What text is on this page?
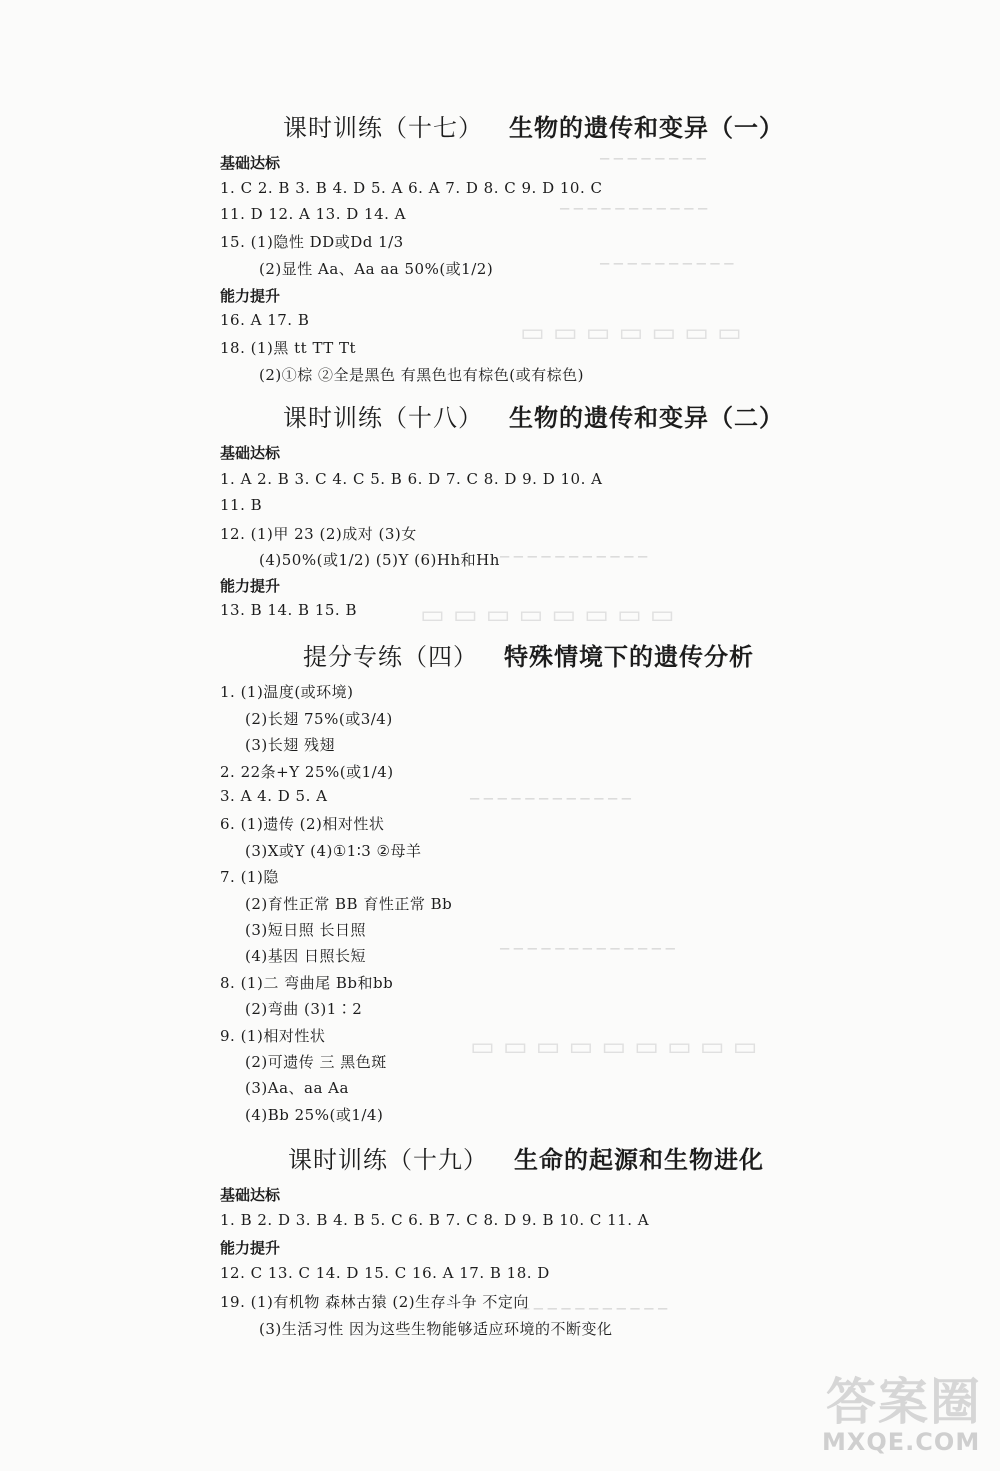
─ ─ ─ ─ ─ ─ ─ ─
─ ─ ─ ─ ─ ─ ─ ─ ─ ─ ─
─ ─ ─ ─ ─ ─ ─ ─ ─ ─
▭ ▭ ▭ ▭ ▭ ▭ ▭
─ ─ ─ ─ ─ ─ ─ ─ ─ ─ ─
▭ ▭ ▭ ▭ ▭ ▭ ▭ ▭
─ ─ ─ ─ ─ ─ ─ ─ ─ ─ ─ ─
─ ─ ─ ─ ─ ─ ─ ─ ─ ─ ─ ─ ─
▭ ▭ ▭ ▭ ▭ ▭ ▭ ▭ ▭
─ ─ ─ ─ ─ ─ ─ ─ ─ ─ ─
课时训练（十七） 生物的遗传和变异（一）
基础达标
1. C 2. B 3. B 4. D 5. A 6. A 7. D 8. C 9. D 10. C
11. D 12. A 13. D 14. A
15. (1)隐性 DD或Dd 1/3
(2)显性 Aa、Aa aa 50%(或1/2)
能力提升
16. A 17. B
18. (1)黑 tt TT Tt
(2)①棕 ②全是黑色 有黑色也有棕色(或有棕色)
课时训练（十八） 生物的遗传和变异（二）
基础达标
1. A 2. B 3. C 4. C 5. B 6. D 7. C 8. D 9. D 10. A
11. B
12. (1)甲 23 (2)成对 (3)女
(4)50%(或1/2) (5)Y (6)Hh和Hh
能力提升
13. B 14. B 15. B
提分专练（四） 特殊情境下的遗传分析
1. (1)温度(或环境)
(2)长翅 75%(或3/4)
(3)长翅 残翅
2. 22条+Y 25%(或1/4)
3. A 4. D 5. A
6. (1)遗传 (2)相对性状
(3)X或Y (4)①1∶3 ②母羊
7. (1)隐
(2)育性正常 BB 育性正常 Bb
(3)短日照 长日照
(4)基因 日照长短
8. (1)二 弯曲尾 Bb和bb
(2)弯曲 (3)1∶2
9. (1)相对性状
(2)可遗传 三 黑色斑
(3)Aa、aa Aa
(4)Bb 25%(或1/4)
课时训练（十九） 生命的起源和生物进化
基础达标
1. B 2. D 3. B 4. B 5. C 6. B 7. C 8. D 9. B 10. C 11. A
能力提升
12. C 13. C 14. D 15. C 16. A 17. B 18. D
19. (1)有机物 森林古猿 (2)生存斗争 不定向
(3)生活习性 因为这些生物能够适应环境的不断变化
答案圈
MXQE.COM
